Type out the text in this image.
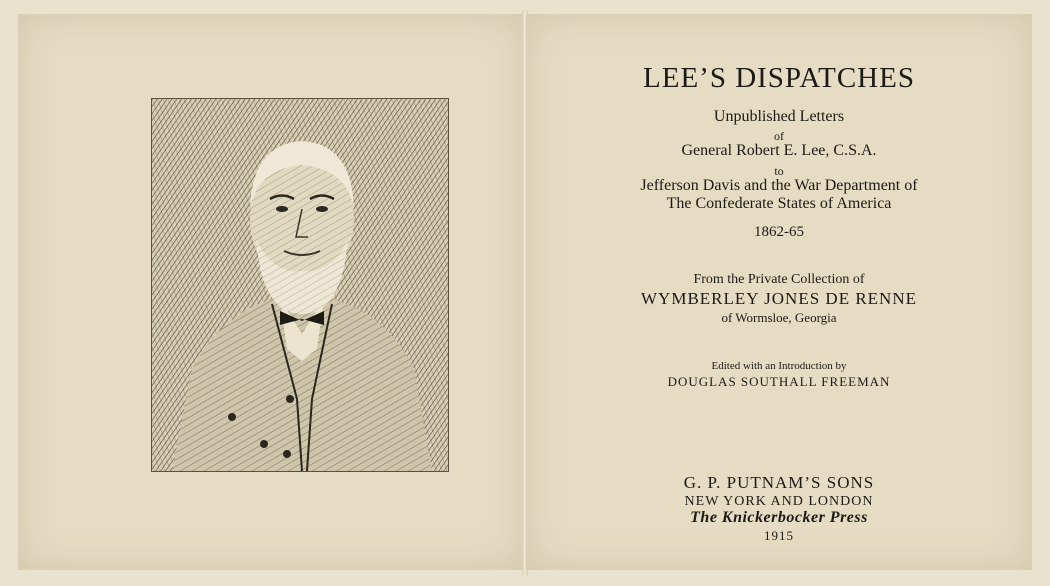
LEE’S DISPATCHES
Unpublished Letters
of
General Robert E. Lee, C.S.A.
to
Jefferson Davis and the War Department of
The Confederate States of America
1862-65
From the Private Collection of
WYMBERLEY JONES DE RENNE
of Wormsloe, Georgia
Edited with an Introduction by
DOUGLAS SOUTHALL FREEMAN
G. P. PUTNAM’S SONS
NEW YORK AND LONDON
The Knickerbocker Press
1915
